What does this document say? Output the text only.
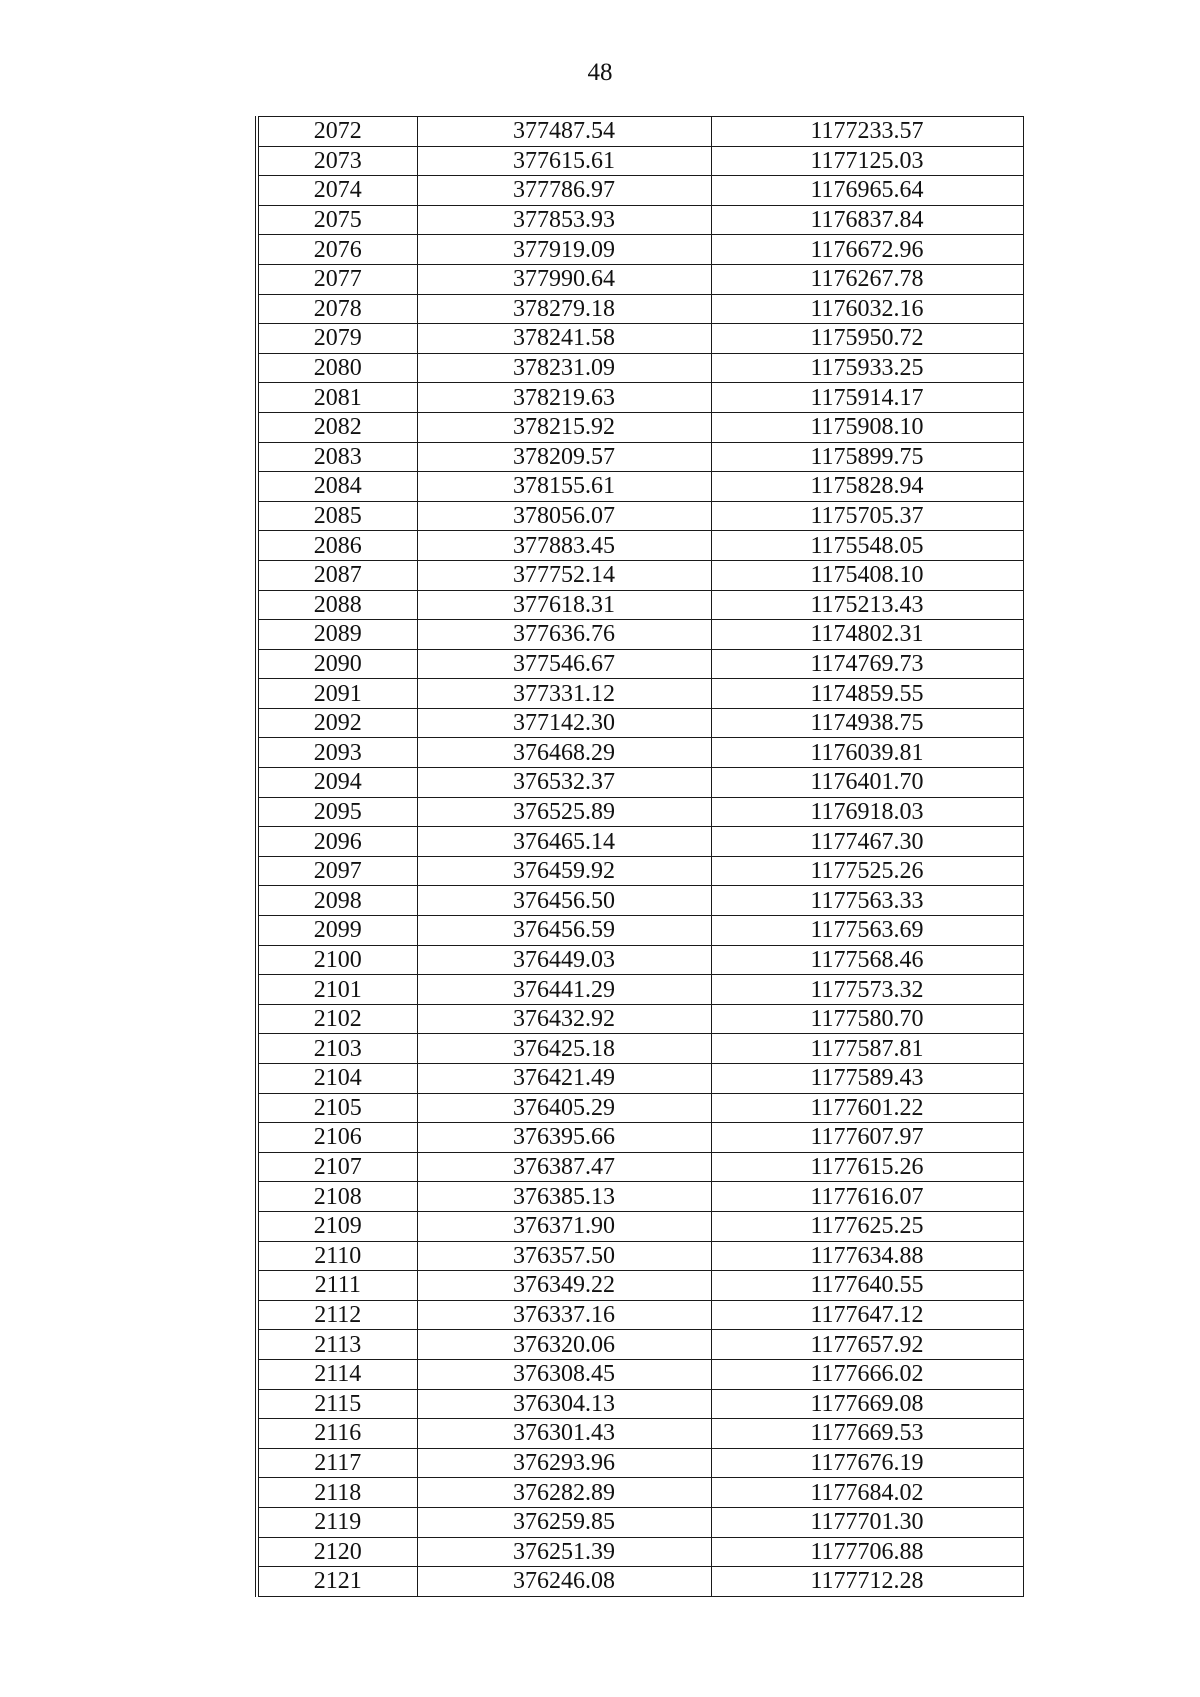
48
2072	377487.54	1177233.57
2073	377615.61	1177125.03
2074	377786.97	1176965.64
2075	377853.93	1176837.84
2076	377919.09	1176672.96
2077	377990.64	1176267.78
2078	378279.18	1176032.16
2079	378241.58	1175950.72
2080	378231.09	1175933.25
2081	378219.63	1175914.17
2082	378215.92	1175908.10
2083	378209.57	1175899.75
2084	378155.61	1175828.94
2085	378056.07	1175705.37
2086	377883.45	1175548.05
2087	377752.14	1175408.10
2088	377618.31	1175213.43
2089	377636.76	1174802.31
2090	377546.67	1174769.73
2091	377331.12	1174859.55
2092	377142.30	1174938.75
2093	376468.29	1176039.81
2094	376532.37	1176401.70
2095	376525.89	1176918.03
2096	376465.14	1177467.30
2097	376459.92	1177525.26
2098	376456.50	1177563.33
2099	376456.59	1177563.69
2100	376449.03	1177568.46
2101	376441.29	1177573.32
2102	376432.92	1177580.70
2103	376425.18	1177587.81
2104	376421.49	1177589.43
2105	376405.29	1177601.22
2106	376395.66	1177607.97
2107	376387.47	1177615.26
2108	376385.13	1177616.07
2109	376371.90	1177625.25
2110	376357.50	1177634.88
2111	376349.22	1177640.55
2112	376337.16	1177647.12
2113	376320.06	1177657.92
2114	376308.45	1177666.02
2115	376304.13	1177669.08
2116	376301.43	1177669.53
2117	376293.96	1177676.19
2118	376282.89	1177684.02
2119	376259.85	1177701.30
2120	376251.39	1177706.88
2121	376246.08	1177712.28
